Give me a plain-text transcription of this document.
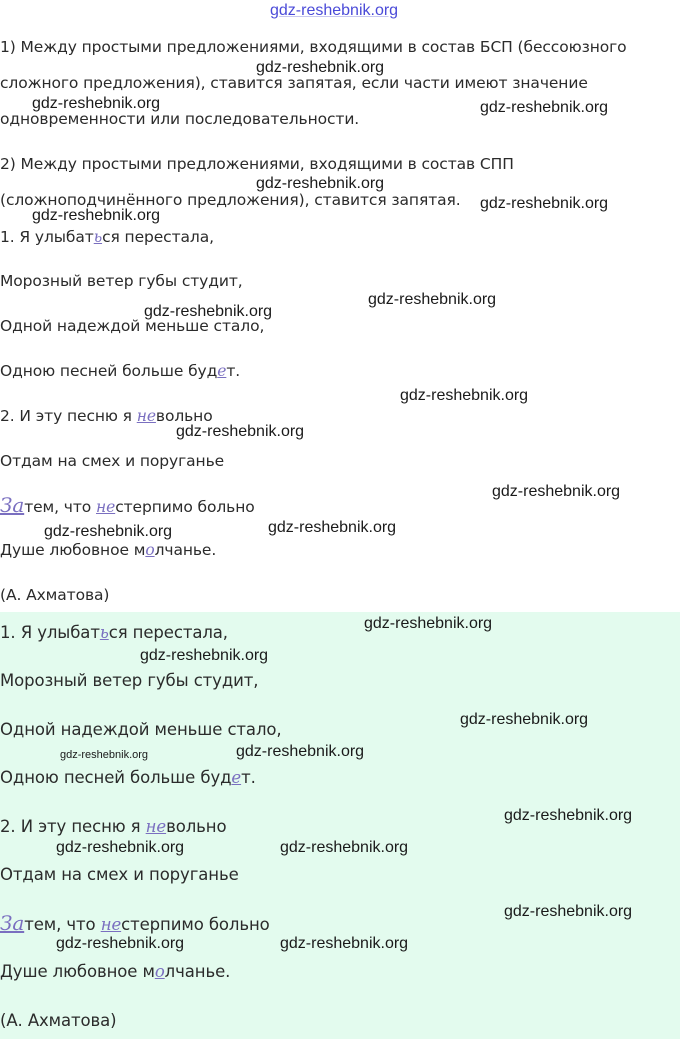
gdz-reshebnik.org
1) Между простыми предложениями, входящими в состав БСП (бессоюзного
сложного предложения), ставится запятая, если части имеют значение
одновременности или последовательности.
2) Между простыми предложениями, входящими в состав СПП
(сложноподчинённого предложения), ставится запятая.
1. Я улыбаться перестала,
Морозный ветер губы студит,
Одной надеждой меньше стало,
Одною песней больше будет.
2. И эту песню я невольно
Отдам на смех и поруганье
Затем, что нестерпимо больно
Душе любовное молчанье.
(А. Ахматова)
1. Я улыбаться перестала,
Морозный ветер губы студит,
Одной надеждой меньше стало,
Одною песней больше будет.
2. И эту песню я невольно
Отдам на смех и поруганье
Затем, что нестерпимо больно
Душе любовное молчанье.
(А. Ахматова)
gdz-reshebnik.org
gdz-reshebnik.org	gdz-reshebnik.org
gdz-reshebnik.org
gdz-reshebnik.org
gdz-reshebnik.org
gdz-reshebnik.org
gdz-reshebnik.org
gdz-reshebnik.org
gdz-reshebnik.org
gdz-reshebnik.org
gdz-reshebnik.org
gdz-reshebnik.org
gdz-reshebnik.org
gdz-reshebnik.org
gdz-reshebnik.org
gdz-reshebnik.org
gdz-reshebnik.org
gdz-reshebnik.org
gdz-reshebnik.org	gdz-reshebnik.org
gdz-reshebnik.org
gdz-reshebnik.org	gdz-reshebnik.org
